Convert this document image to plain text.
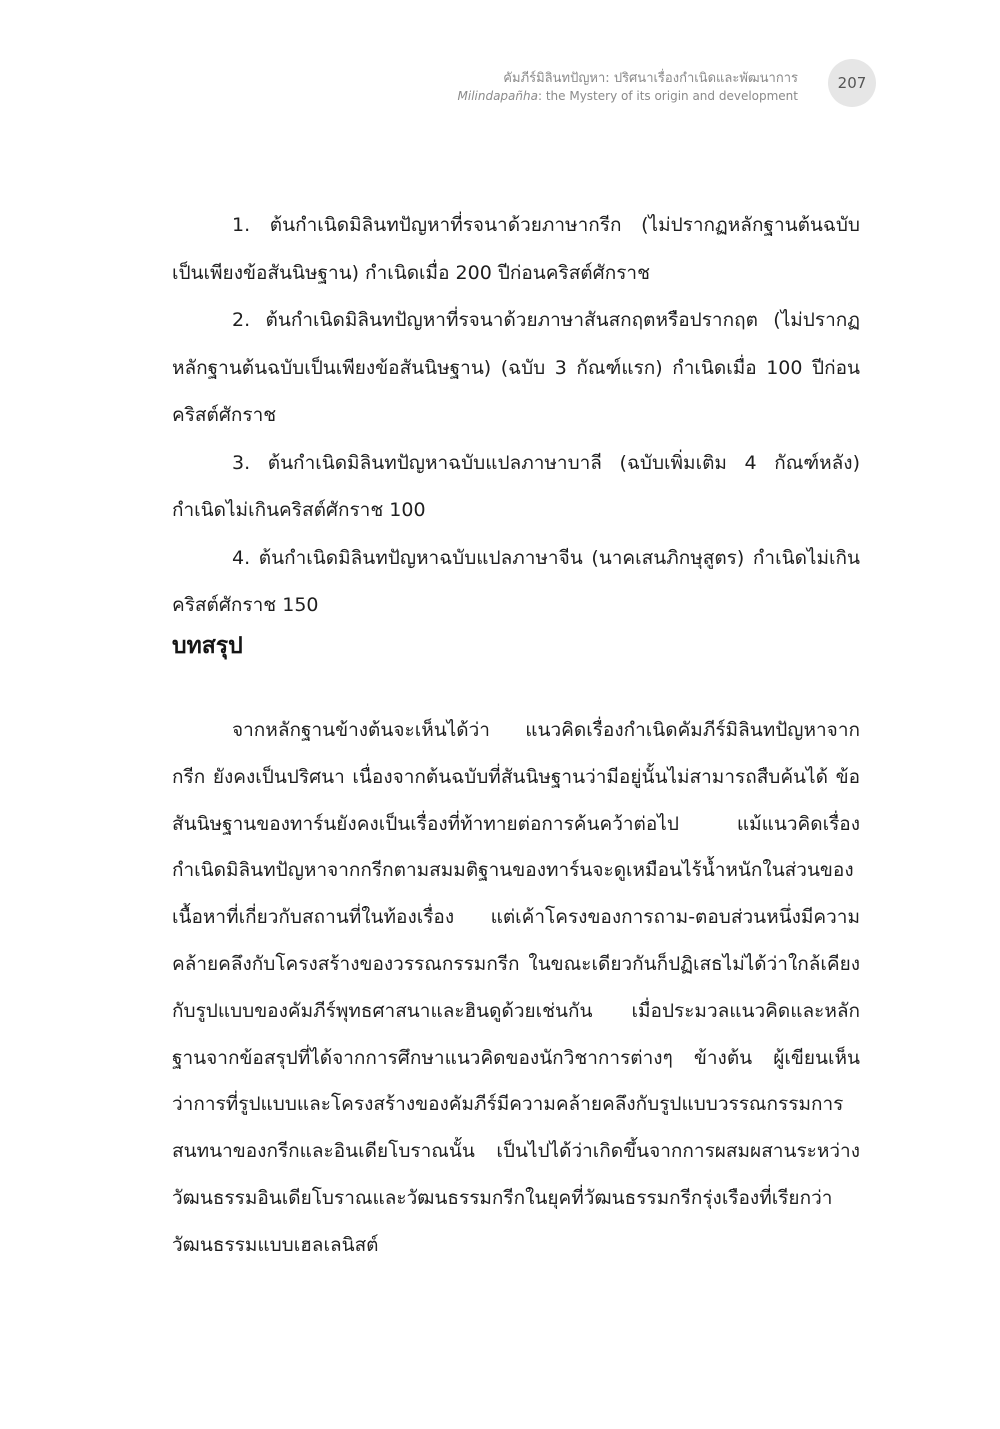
คัมภีร์มิลินทปัญหา: ปริศนาเรื่องกำเนิดและพัฒนาการ
Milindapañha: the Mystery of its origin and development
207

1. ต้นกำเนิดมิลินทปัญหาที่รจนาด้วยภาษากรีก (ไม่ปรากฏหลักฐานต้นฉบับเป็นเพียงข้อสันนิษฐาน) กำเนิดเมื่อ 200 ปีก่อนคริสต์ศักราช

2. ต้นกำเนิดมิลินทปัญหาที่รจนาด้วยภาษาสันสกฤตหรือปรากฤต (ไม่ปรากฏหลักฐานต้นฉบับเป็นเพียงข้อสันนิษฐาน) (ฉบับ 3 กัณฑ์แรก) กำเนิดเมื่อ 100 ปีก่อนคริสต์ศักราช

3. ต้นกำเนิดมิลินทปัญหาฉบับแปลภาษาบาลี (ฉบับเพิ่มเติม 4 กัณฑ์หลัง) กำเนิดไม่เกินคริสต์ศักราช 100

4. ต้นกำเนิดมิลินทปัญหาฉบับแปลภาษาจีน (นาคเสนภิกษุสูตร) กำเนิดไม่เกินคริสต์ศักราช 150

บทสรุป

จากหลักฐานข้างต้นจะเห็นได้ว่า แนวคิดเรื่องกำเนิดคัมภีร์มิลินทปัญหาจากกรีก ยังคงเป็นปริศนา เนื่องจากต้นฉบับที่สันนิษฐานว่ามีอยู่นั้นไม่สามารถสืบค้นได้ ข้อสันนิษฐานของทาร์นยังคงเป็นเรื่องที่ท้าทายต่อการค้นคว้าต่อไป แม้แนวคิดเรื่องกำเนิดมิลินทปัญหาจากกรีกตามสมมติฐานของทาร์นจะดูเหมือนไร้น้ำหนักในส่วนของเนื้อหาที่เกี่ยวกับสถานที่ในท้องเรื่อง แต่เค้าโครงของการถาม-ตอบส่วนหนึ่งมีความคล้ายคลึงกับโครงสร้างของวรรณกรรมกรีก ในขณะเดียวกันก็ปฏิเสธไม่ได้ว่าใกล้เคียงกับรูปแบบของคัมภีร์พุทธศาสนาและฮินดูด้วยเช่นกัน เมื่อประมวลแนวคิดและหลักฐานจากข้อสรุปที่ได้จากการศึกษาแนวคิดของนักวิชาการต่างๆ ข้างต้น ผู้เขียนเห็นว่าการที่รูปแบบและโครงสร้างของคัมภีร์มีความคล้ายคลึงกับรูปแบบวรรณกรรมการสนทนาของกรีกและอินเดียโบราณนั้น เป็นไปได้ว่าเกิดขึ้นจากการผสมผสานระหว่างวัฒนธรรมอินเดียโบราณและวัฒนธรรมกรีกในยุคที่วัฒนธรรมกรีกรุ่งเรืองที่เรียกว่า วัฒนธรรมแบบเฮลเลนิสต์
